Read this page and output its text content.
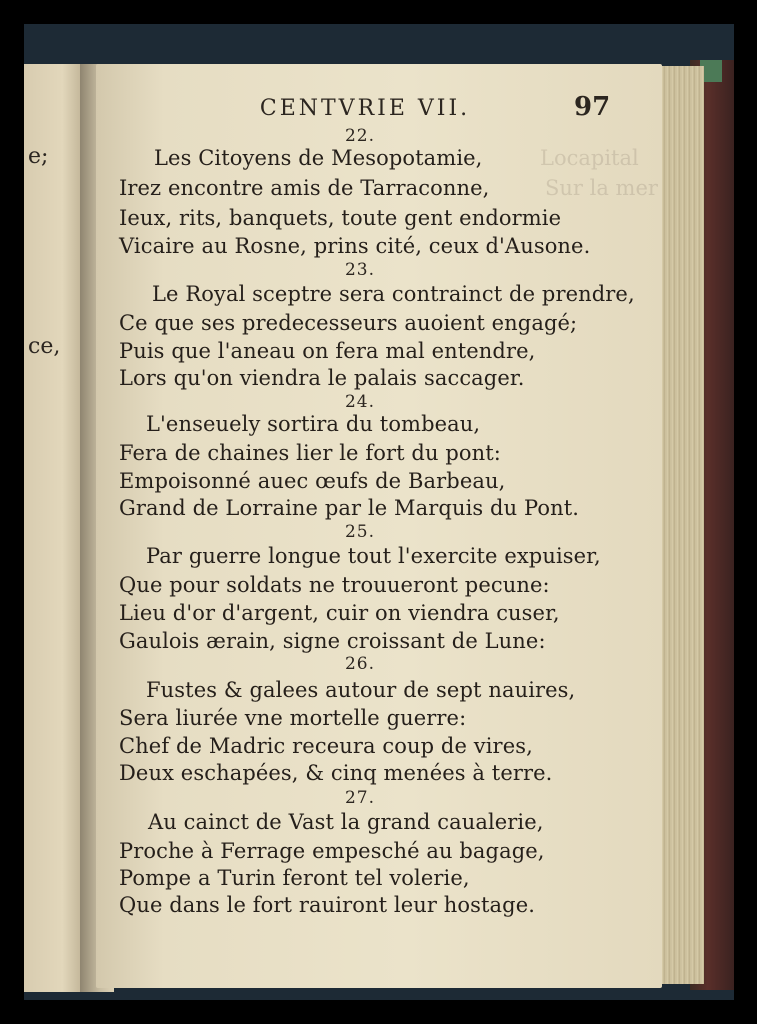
e;
ce,
Locapital
Sur la mer
CENTVRIE VII.	97
22.
Les Citoyens de Mesopotamie,
Irez encontre amis de Tarraconne,
Ieux, rits, banquets, toute gent endormie
Vicaire au Rosne, prins cité, ceux d'Ausone.
23.
Le Royal sceptre sera contrainct de prendre,
Ce que ses predecesseurs auoient engagé;
Puis que l'aneau on fera mal entendre,
Lors qu'on viendra le palais saccager.
24.
L'enseuely sortira du tombeau,
Fera de chaines lier le fort du pont:
Empoisonné auec œufs de Barbeau,
Grand de Lorraine par le Marquis du Pont.
25.
Par guerre longue tout l'exercite expuiser,
Que pour soldats ne trouueront pecune:
Lieu d'or d'argent, cuir on viendra cuser,
Gaulois ærain, signe croissant de Lune:
26.
Fustes & galees autour de sept nauires,
Sera liurée vne mortelle guerre:
Chef de Madric receura coup de vires,
Deux eschapées, & cinq menées à terre.
27.
Au cainct de Vast la grand caualerie,
Proche à Ferrage empesché au bagage,
Pompe a Turin feront tel volerie,
Que dans le fort rauiront leur hostage.
